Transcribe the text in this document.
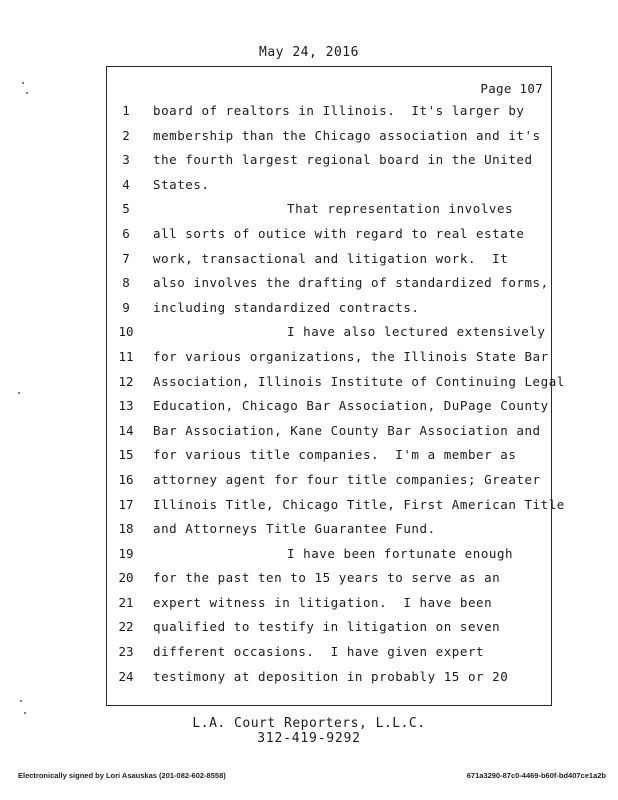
May 24, 2016
Page 107
1	board of realtors in Illinois.  It's larger by
2	membership than the Chicago association and it's
3	the fourth largest regional board in the United
4	States.
5	That representation involves
6	all sorts of outice with regard to real estate
7	work, transactional and litigation work.  It
8	also involves the drafting of standardized forms,
9	including standardized contracts.
10	I have also lectured extensively
11 for various organizations, the Illinois State Bar
12 Association, Illinois Institute of Continuing Legal
13 Education, Chicago Bar Association, DuPage County
14 Bar Association, Kane County Bar Association and
15 for various title companies.  I'm a member as
16 attorney agent for four title companies; Greater
17 Illinois Title, Chicago Title, First American Title
18 and Attorneys Title Guarantee Fund.
19	I have been fortunate enough
20 for the past ten to 15 years to serve as an
21 expert witness in litigation.  I have been
22 qualified to testify in litigation on seven
23 different occasions.  I have given expert
24 testimony at deposition in probably 15 or 20
L.A. Court Reporters, L.L.C.
312-419-9292
Electronically signed by Lori Asauskas (201-082-602-8558)	671a3290-87c0-4469-b60f-bd407ce1a2b
